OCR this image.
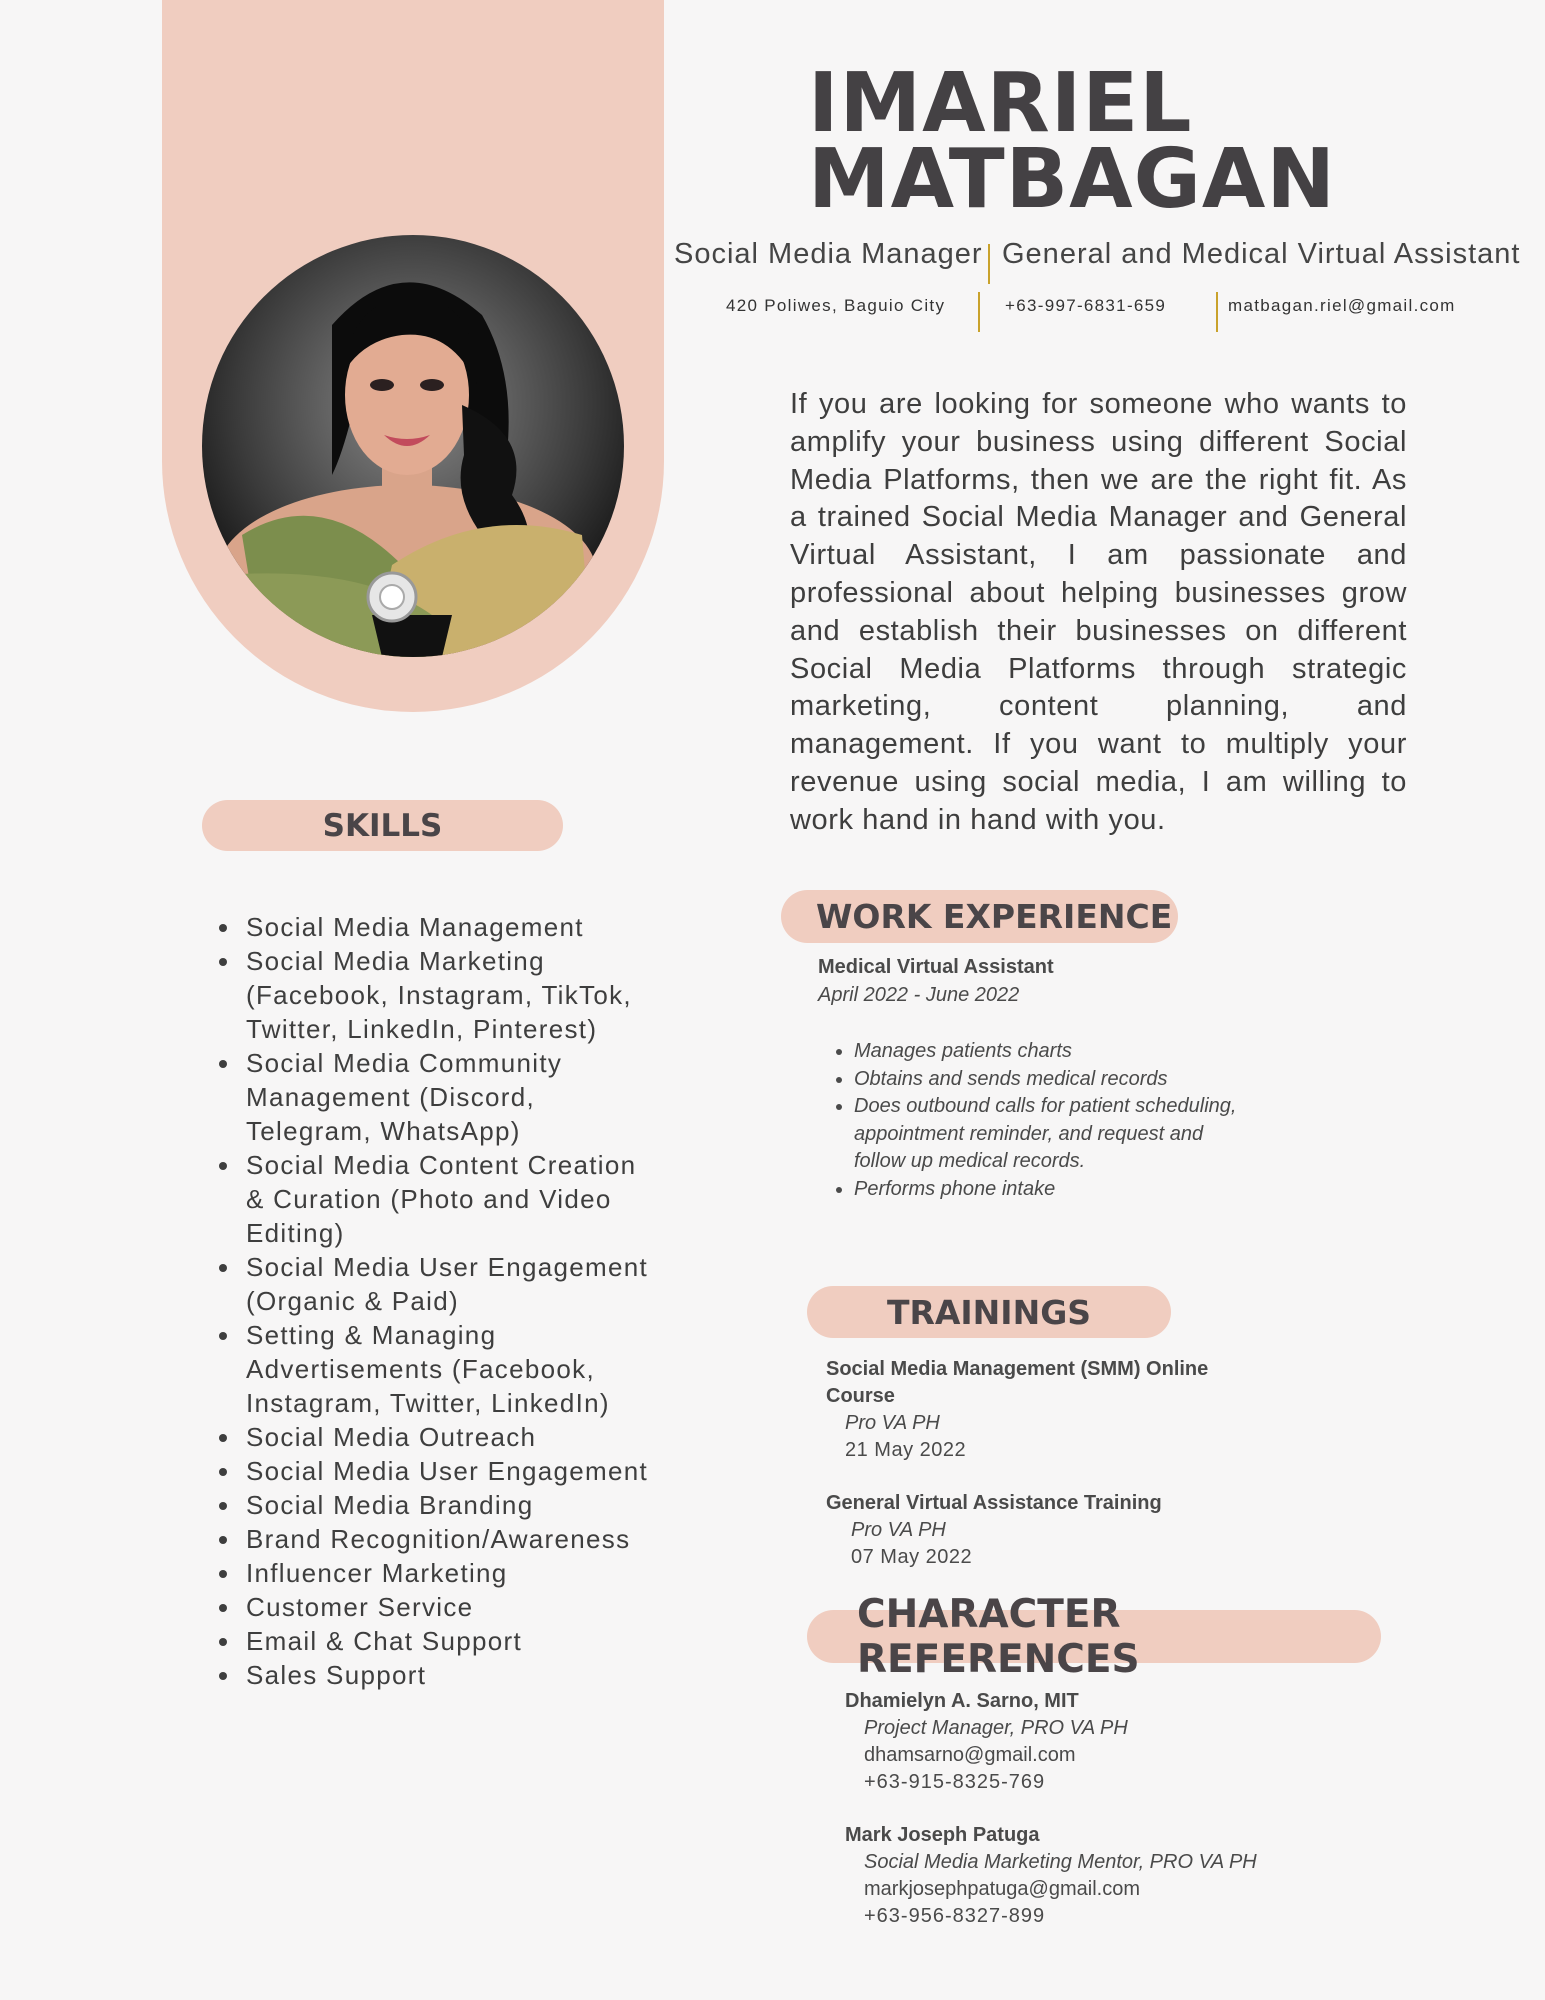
IMARIEL
MATBAGAN
Social Media Manager General and Medical Virtual Assistant
420 Poliwes, Baguio City	+63-997-6831-659	matbagan.riel@gmail.com

If you are looking for someone who wants to amplify your business using different Social Media Platforms, then we are the right fit. As a trained Social Media Manager and General Virtual Assistant, I am passionate and professional about helping businesses grow and establish their businesses on different Social Media Platforms through strategic marketing, content planning, and management. If you want to multiply your revenue using social media, I am willing to work hand in hand with you.

SKILLS
• Social Media Management
• Social Media Marketing (Facebook, Instagram, TikTok, Twitter, LinkedIn, Pinterest)
• Social Media Community Management (Discord, Telegram, WhatsApp)
• Social Media Content Creation & Curation (Photo and Video Editing)
• Social Media User Engagement (Organic & Paid)
• Setting & Managing Advertisements (Facebook, Instagram, Twitter, LinkedIn)
• Social Media Outreach
• Social Media User Engagement
• Social Media Branding
• Brand Recognition/Awareness
• Influencer Marketing
• Customer Service
• Email & Chat Support
• Sales Support
WORK EXPERIENCE
Medical Virtual Assistant
April 2022 - June 2022
• Manages patients charts
• Obtains and sends medical records
• Does outbound calls for patient scheduling, appointment reminder, and request and follow up medical records.
• Performs phone intake
TRAININGS
Social Media Management (SMM) Online Course
Pro VA PH
21 May 2022
General Virtual Assistance Training
Pro VA PH
07 May 2022
CHARACTER REFERENCES
Dhamielyn A. Sarno, MIT
Project Manager, PRO VA PH
dhamsarno@gmail.com
+63-915-8325-769
Mark Joseph Patuga
Social Media Marketing Mentor, PRO VA PH
markjosephpatuga@gmail.com
+63-956-8327-899
